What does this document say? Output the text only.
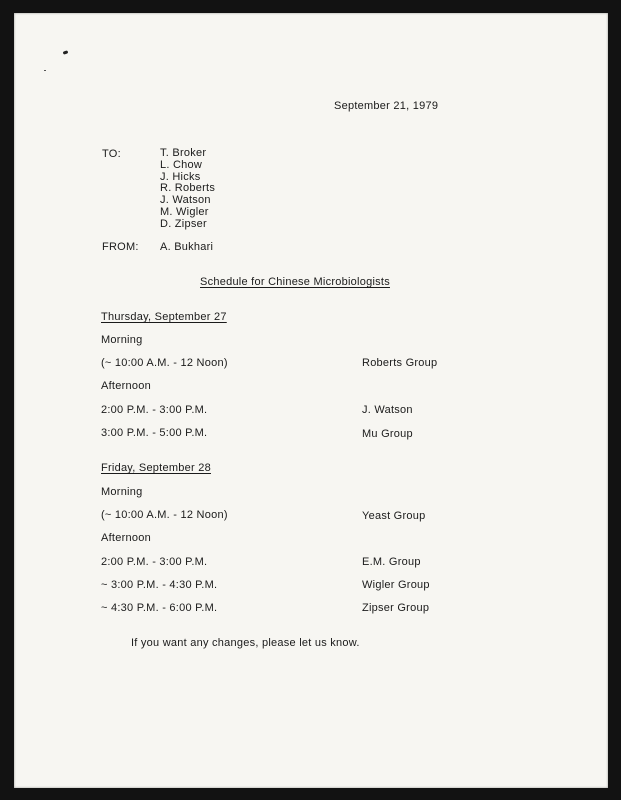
September 21, 1979
TO:	T. Broker
L. Chow
J. Hicks
R. Roberts
J. Watson
M. Wigler
D. Zipser
FROM: A. Bukhari
Schedule for Chinese Microbiologists
Thursday, September 27
Morning
(~ 10:00 A.M. - 12 Noon)	Roberts Group
Afternoon
2:00 P.M. - 3:00 P.M.	J. Watson
3:00 P.M. - 5:00 P.M.	Mu Group
Friday, September 28
Morning
(~ 10:00 A.M. - 12 Noon)	Yeast Group
Afternoon
2:00 P.M. - 3:00 P.M.	E.M. Group
~ 3:00 P.M. - 4:30 P.M.	Wigler Group
~ 4:30 P.M. - 6:00 P.M.	Zipser Group
If you want any changes, please let us know.
